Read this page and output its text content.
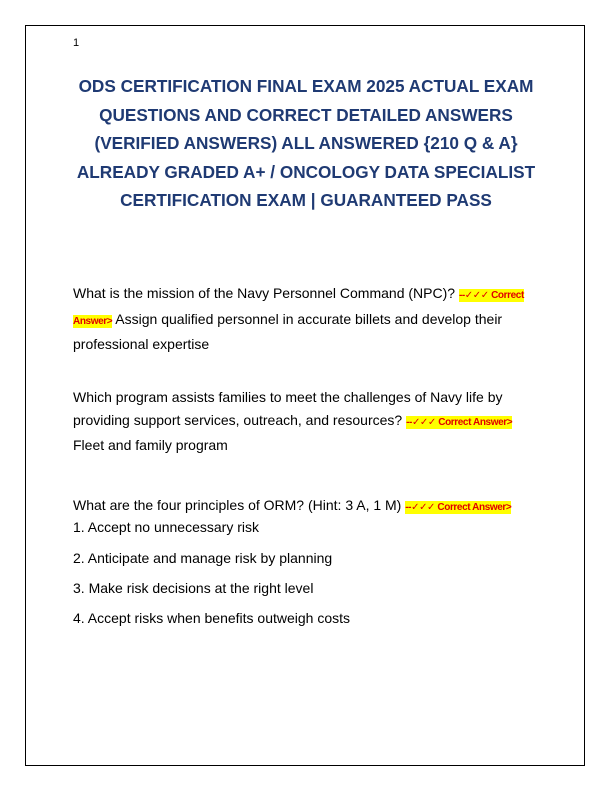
1
ODS CERTIFICATION FINAL EXAM 2025 ACTUAL EXAM QUESTIONS AND CORRECT DETAILED ANSWERS (VERIFIED ANSWERS) ALL ANSWERED {210 Q & A} ALREADY GRADED A+ / ONCOLOGY DATA SPECIALIST CERTIFICATION EXAM | GUARANTEED PASS
What is the mission of the Navy Personnel Command (NPC)? --✓✓✓ Correct Answer> Assign qualified personnel in accurate billets and develop their professional expertise
Which program assists families to meet the challenges of Navy life by providing support services, outreach, and resources? --✓✓✓ Correct Answer> Fleet and family program
What are the four principles of ORM? (Hint: 3 A, 1 M) --✓✓✓ Correct Answer>
1. Accept no unnecessary risk
2. Anticipate and manage risk by planning
3. Make risk decisions at the right level
4. Accept risks when benefits outweigh costs
